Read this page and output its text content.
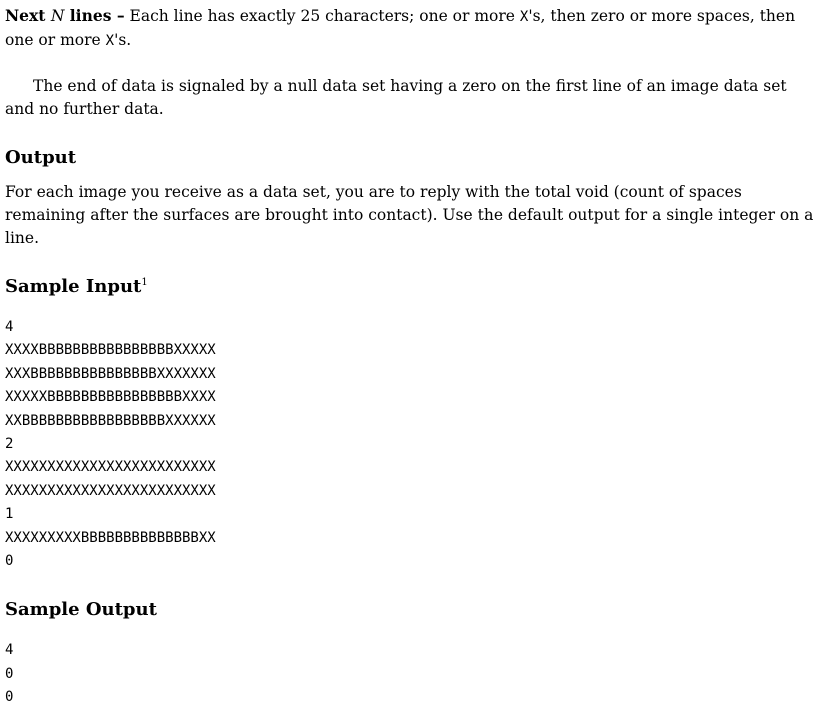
Next N lines – Each line has exactly 25 characters; one or more X's, then zero or more spaces, then one or more X's.

The end of data is signaled by a null data set having a zero on the first line of an image data set and no further data.

Output

For each image you receive as a data set, you are to reply with the total void (count of spaces remaining after the surfaces are brought into contact). Use the default output for a single integer on a line.

Sample Input$^1$
4
XXXXBBBBBBBBBBBBBBBBXXXXX
XXXBBBBBBBBBBBBBBBXXXXXXX
XXXXXBBBBBBBBBBBBBBBBXXXX
XXBBBBBBBBBBBBBBBBBXXXXXX
2
XXXXXXXXXXXXXXXXXXXXXXXXX
XXXXXXXXXXXXXXXXXXXXXXXXX
1
XXXXXXXXXBBBBBBBBBBBBBBXX
0
Sample Output
4
0
0
